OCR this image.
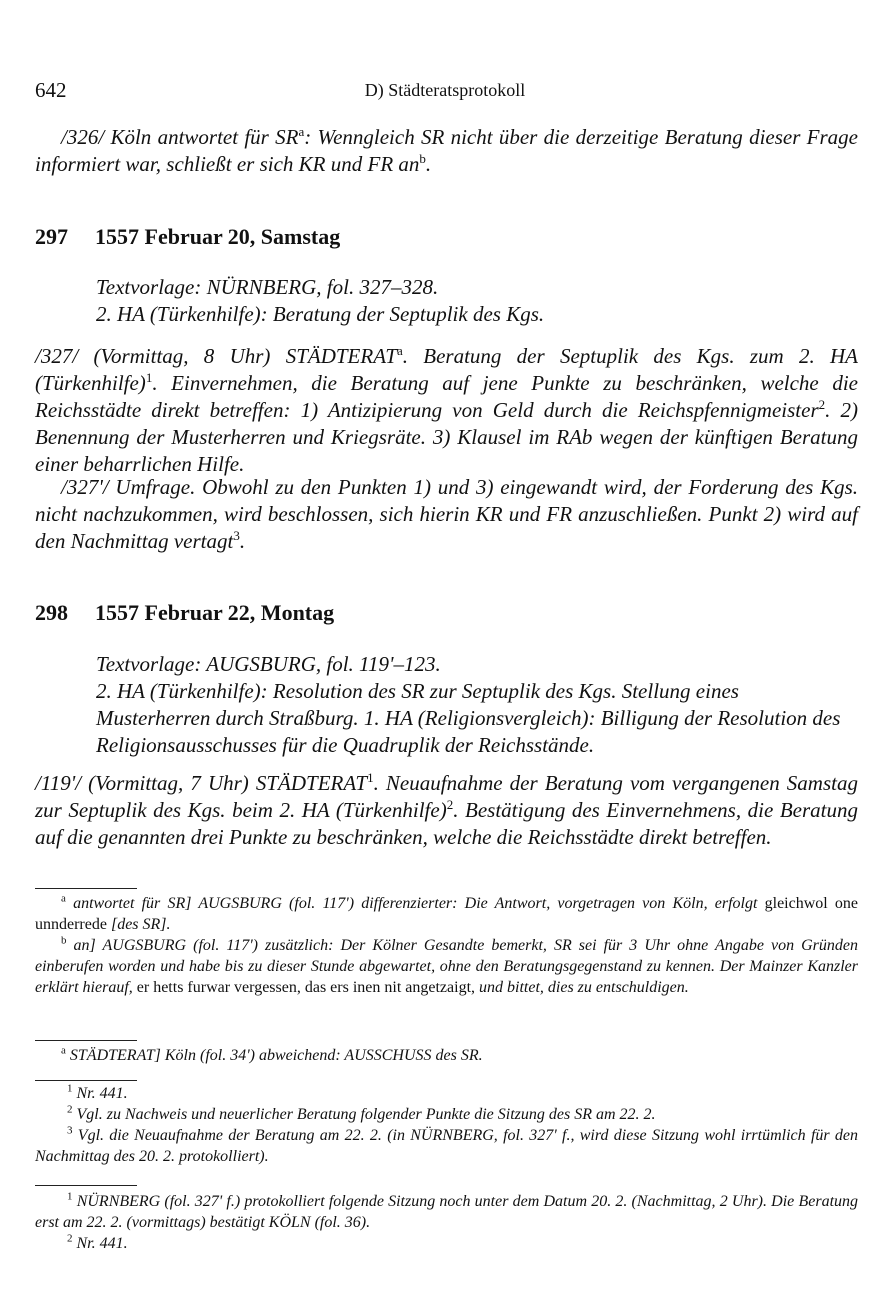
642	D) Städteratsprotokoll
/326/ Köln antwortet für $SR^a$: Wenngleich SR nicht über die derzeitige Beratung dieser Frage informiert war, schließt er sich KR und FR $an^b$.
297 1557 Februar 20, Samstag

Textvorlage: NÜRNBERG, fol. 327–328.

2. HA (Türkenhilfe): Beratung der Septuplik des Kgs.

/327/ (Vormittag, 8 Uhr) STÄDTERAT$^a$. Beratung der Septuplik des Kgs. zum 2. HA (Türkenhilfe)$^1$. Einvernehmen, die Beratung auf jene Punkte zu beschränken, welche die Reichsstädte direkt betreffen: 1) Antizipierung von Geld durch die Reichspfennigmeister$^2$. 2) Benennung der Musterherren und Kriegsräte. 3) Klausel im RAb wegen der künftigen Beratung einer beharrlichen Hilfe.
/327'/ Umfrage. Obwohl zu den Punkten 1) und 3) eingewandt wird, der Forderung des Kgs. nicht nachzukommen, wird beschlossen, sich hierin KR und FR anzuschließen. Punkt 2) wird auf den Nachmittag vertagt$^3$.
298 1557 Februar 22, Montag

Textvorlage: AUGSBURG, fol. 119'–123.

2. HA (Türkenhilfe): Resolution des SR zur Septuplik des Kgs. Stellung eines Musterherren durch Straßburg. 1. HA (Religionsvergleich): Billigung der Resolution des Religionsausschusses für die Quadruplik der Reichsstände.

/119'/ (Vormittag, 7 Uhr) STÄDTERAT$^1$. Neuaufnahme der Beratung vom vergangenen Samstag zur Septuplik des Kgs. beim 2. HA (Türkenhilfe)$^2$. Bestätigung des Einvernehmens, die Beratung auf die genannten drei Punkte zu beschränken, welche die Reichsstädte direkt betreffen.

$^a$ antwortet für SR] AUGSBURG (fol. 117') differenzierter: Die Antwort, vorgetragen von Köln, erfolgt gleichwol one unnderrede [des SR].

$^b$ an] AUGSBURG (fol. 117') zusätzlich: Der Kölner Gesandte bemerkt, SR sei für 3 Uhr ohne Angabe von Gründen einberufen worden und habe bis zu dieser Stunde abgewartet, ohne den Beratungsgegenstand zu kennen. Der Mainzer Kanzler erklärt hierauf, er hetts furwar vergessen, das ers inen nit angetzaigt, und bittet, dies zu entschuldigen.

$^a$ STÄDTERAT] Köln (fol. 34') abweichend: AUSSCHUSS des SR.

$^1$ Nr. 441.

$^2$ Vgl. zu Nachweis und neuerlicher Beratung folgender Punkte die Sitzung des SR am 22. 2.

$^3$ Vgl. die Neuaufnahme der Beratung am 22. 2. (in NÜRNBERG, fol. 327' f., wird diese Sitzung wohl irrtümlich für den Nachmittag des 20. 2. protokolliert).

$^1$ NÜRNBERG (fol. 327' f.) protokolliert folgende Sitzung noch unter dem Datum 20. 2. (Nachmittag, 2 Uhr). Die Beratung erst am 22. 2. (vormittags) bestätigt KÖLN (fol. 36).

$^2$ Nr. 441.
